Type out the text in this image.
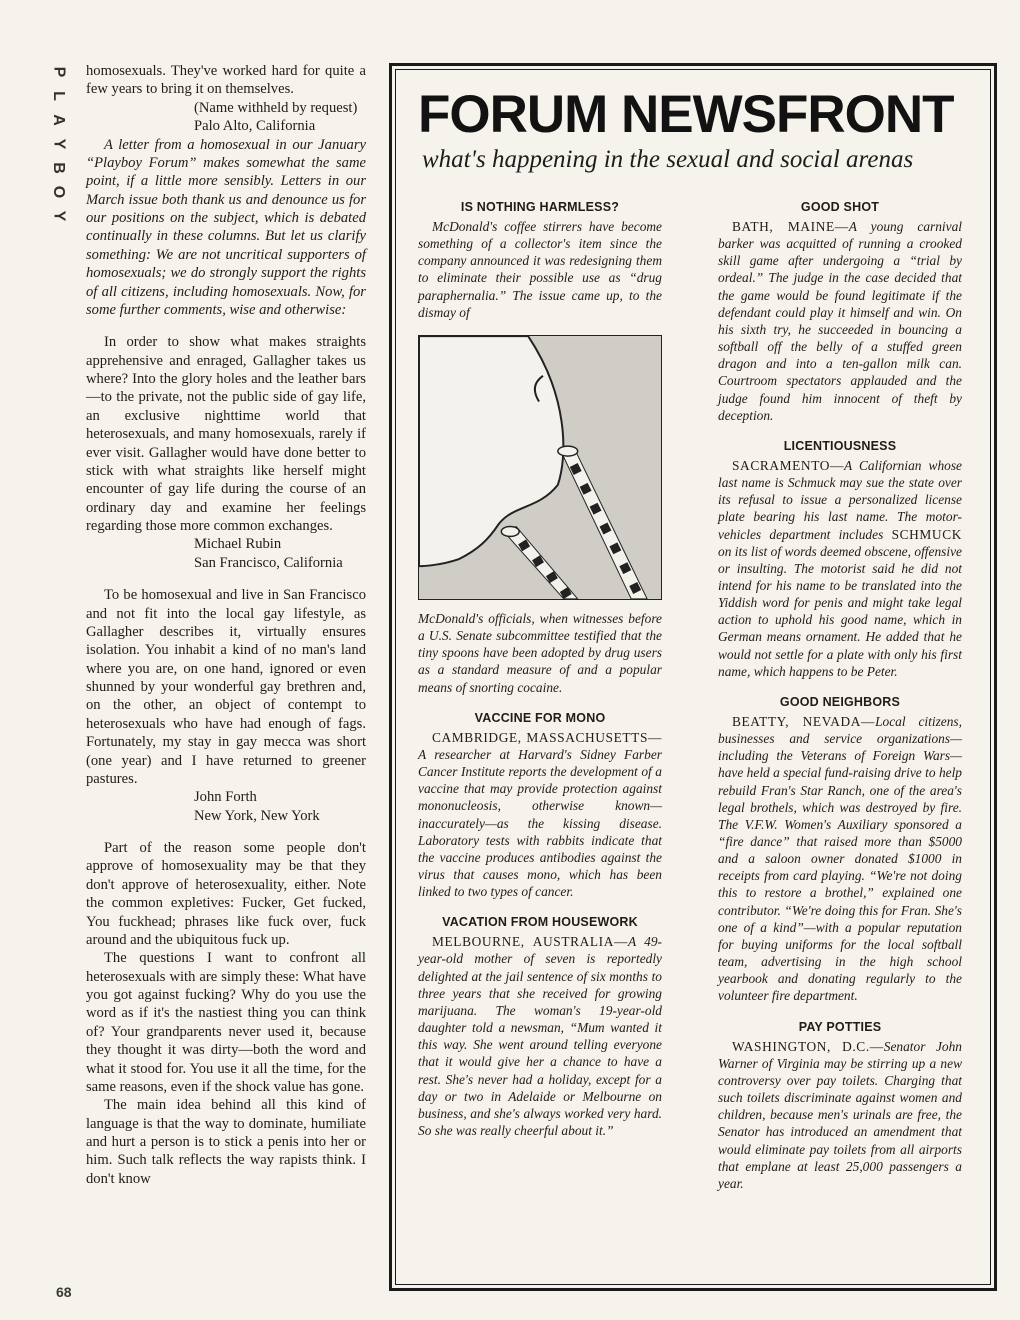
P
L
A
Y
B
O
Y
68

homosexuals. They've worked hard for quite a few years to bring it on themselves.

(Name withheld by request)

Palo Alto, California

A letter from a homosexual in our January “Playboy Forum” makes somewhat the same point, if a little more sensibly. Letters in our March issue both thank us and denounce us for our positions on the subject, which is debated continually in these columns. But let us clarify something: We are not uncritical supporters of homosexuals; we do strongly support the rights of all citizens, including homosexuals. Now, for some further comments, wise and otherwise:

In order to show what makes straights apprehensive and enraged, Gallagher takes us where? Into the glory holes and the leather bars—to the private, not the public side of gay life, an exclusive nighttime world that heterosexuals, and many homosexuals, rarely if ever visit. Gallagher would have done better to stick with what straights like herself might encounter of gay life during the course of an ordinary day and examine her feelings regarding those more common exchanges.

Michael Rubin

San Francisco, California

To be homosexual and live in San Francisco and not fit into the local gay lifestyle, as Gallagher describes it, virtually ensures isolation. You inhabit a kind of no man's land where you are, on one hand, ignored or even shunned by your wonderful gay brethren and, on the other, an object of contempt to heterosexuals who have had enough of fags. Fortunately, my stay in gay mecca was short (one year) and I have returned to greener pastures.

John Forth

New York, New York

Part of the reason some people don't approve of homosexuality may be that they don't approve of heterosexuality, either. Note the common expletives: Fucker, Get fucked, You fuckhead; phrases like fuck over, fuck around and the ubiquitous fuck up.

The questions I want to confront all heterosexuals with are simply these: What have you got against fucking? Why do you use the word as if it's the nastiest thing you can think of? Your grandparents never used it, because they thought it was dirty—both the word and what it stood for. You use it all the time, for the same reasons, even if the shock value has gone.

The main idea behind all this kind of language is that the way to dominate, humiliate and hurt a person is to stick a penis into her or him. Such talk reflects the way rapists think. I don't know

FORUM NEWSFRONT
what's happening in the sexual and social arenas
IS NOTHING HARMLESS?

McDonald's coffee stirrers have become something of a collector's item since the company announced it was redesigning them to eliminate their possible use as “drug paraphernalia.” The issue came up, to the dismay of

McDonald's officials, when witnesses before a U.S. Senate subcommittee testified that the tiny spoons have been adopted by drug users as a standard measure of and a popular means of snorting cocaine.

VACCINE FOR MONO

CAMBRIDGE, MASSACHUSETTS—A researcher at Harvard's Sidney Farber Cancer Institute reports the development of a vaccine that may provide protection against mononucleosis, otherwise known—inaccurately—as the kissing disease. Laboratory tests with rabbits indicate that the vaccine produces antibodies against the virus that causes mono, which has been linked to two types of cancer.

VACATION FROM HOUSEWORK

MELBOURNE, AUSTRALIA—A 49-year-old mother of seven is reportedly delighted at the jail sentence of six months to three years that she received for growing marijuana. The woman's 19-year-old daughter told a newsman, “Mum wanted it this way. She went around telling everyone that it would give her a chance to have a rest. She's never had a holiday, except for a day or two in Adelaide or Melbourne on business, and she's always worked very hard. So she was really cheerful about it.”

GOOD SHOT

BATH, MAINE—A young carnival barker was acquitted of running a crooked skill game after undergoing a “trial by ordeal.” The judge in the case decided that the game would be found legitimate if the defendant could play it himself and win. On his sixth try, he succeeded in bouncing a softball off the belly of a stuffed green dragon and into a ten-gallon milk can. Courtroom spectators applauded and the judge found him innocent of theft by deception.

LICENTIOUSNESS

SACRAMENTO—A Californian whose last name is Schmuck may sue the state over its refusal to issue a personalized license plate bearing his last name. The motor-vehicles department includes SCHMUCK on its list of words deemed obscene, offensive or insulting. The motorist said he did not intend for his name to be translated into the Yiddish word for penis and might take legal action to uphold his good name, which in German means ornament. He added that he would not settle for a plate with only his first name, which happens to be Peter.

GOOD NEIGHBORS

BEATTY, NEVADA—Local citizens, businesses and service organizations—including the Veterans of Foreign Wars—have held a special fund-raising drive to help rebuild Fran's Star Ranch, one of the area's legal brothels, which was destroyed by fire. The V.F.W. Women's Auxiliary sponsored a “fire dance” that raised more than $5000 and a saloon owner donated $1000 in receipts from card playing. “We're not doing this to restore a brothel,” explained one contributor. “We're doing this for Fran. She's one of a kind”—with a popular reputation for buying uniforms for the local softball team, advertising in the high school yearbook and donating regularly to the volunteer fire department.

PAY POTTIES

WASHINGTON, D.C.—Senator John Warner of Virginia may be stirring up a new controversy over pay toilets. Charging that such toilets discriminate against women and children, because men's urinals are free, the Senator has introduced an amendment that would eliminate pay toilets from all airports that emplane at least 25,000 passengers a year.
